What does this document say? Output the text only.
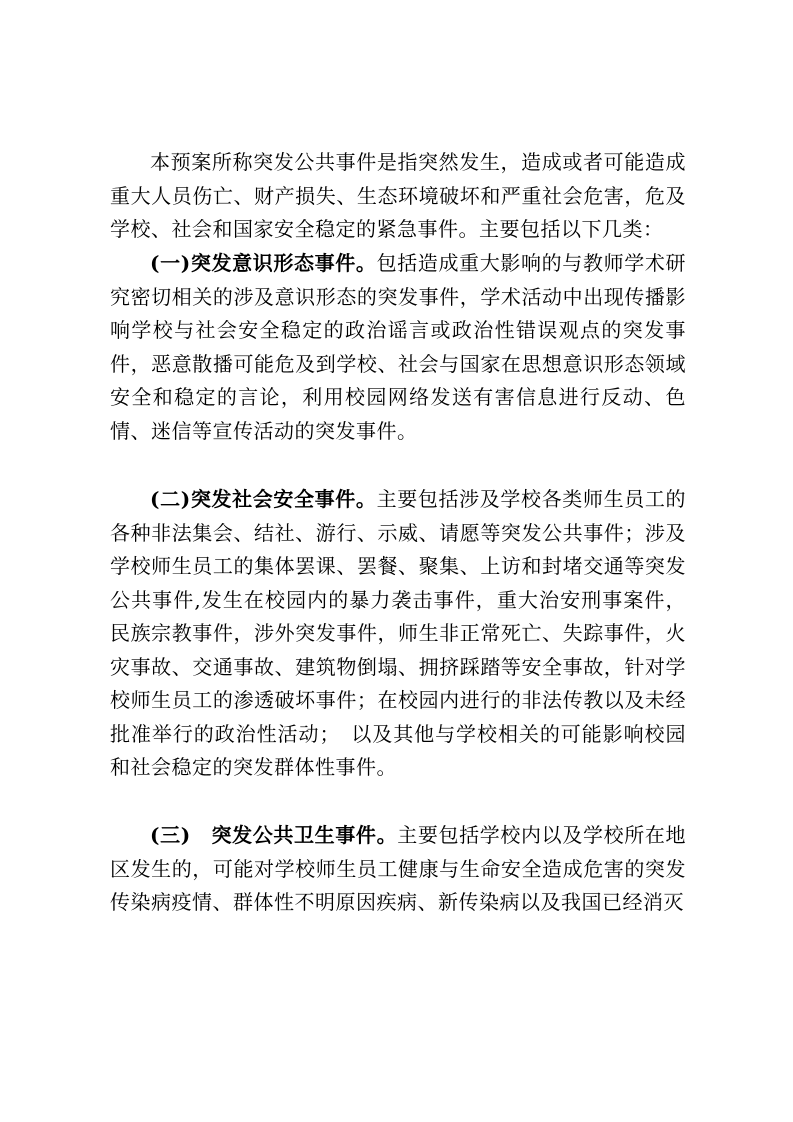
本预案所称突发公共事件是指突然发生，造成或者可能造成重大人员伤亡、财产损失、生态环境破坏和严重社会危害，危及学校、社会和国家安全稳定的紧急事件。主要包括以下几类：

(一)突发意识形态事件。包括造成重大影响的与教师学术研究密切相关的涉及意识形态的突发事件，学术活动中出现传播影响学校与社会安全稳定的政治谣言或政治性错误观点的突发事件，恶意散播可能危及到学校、社会与国家在思想意识形态领域安全和稳定的言论，利用校园网络发送有害信息进行反动、色情、迷信等宣传活动的突发事件。

(二)突发社会安全事件。主要包括涉及学校各类师生员工的各种非法集会、结社、游行、示威、请愿等突发公共事件；涉及学校师生员工的集体罢课、罢餐、聚集、上访和封堵交通等突发公共事件,发生在校园内的暴力袭击事件，重大治安刑事案件，民族宗教事件，涉外突发事件，师生非正常死亡、失踪事件，火灾事故、交通事故、建筑物倒塌、拥挤踩踏等安全事故，针对学校师生员工的渗透破坏事件；在校园内进行的非法传教以及未经批准举行的政治性活动；　以及其他与学校相关的可能影响校园和社会稳定的突发群体性事件。

(三)　突发公共卫生事件。主要包括学校内以及学校所在地区发生的，可能对学校师生员工健康与生命安全造成危害的突发传染病疫情、群体性不明原因疾病、新传染病以及我国已经消灭
